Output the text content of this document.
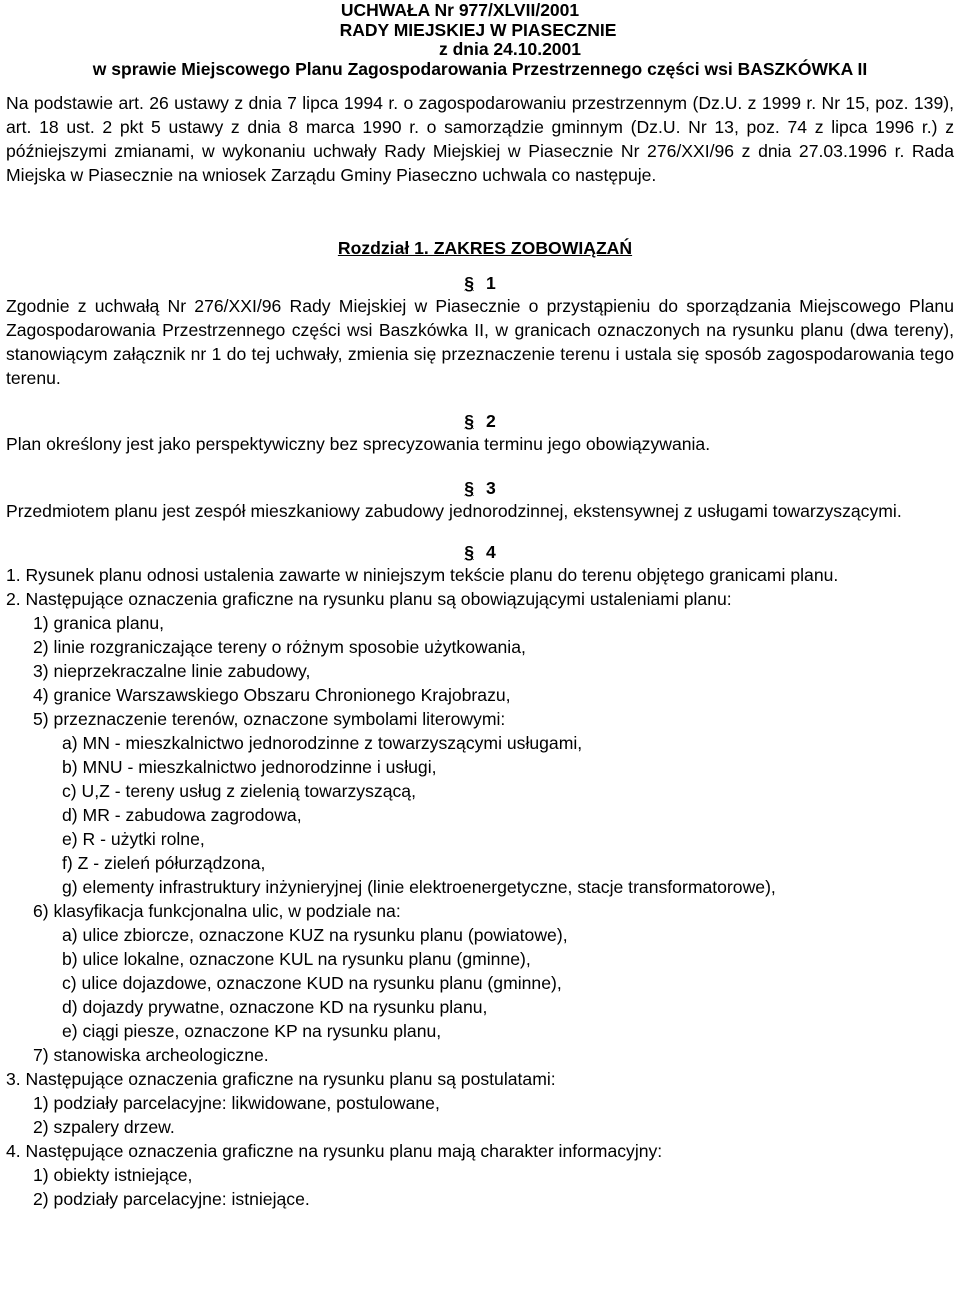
UCHWAŁA Nr 977/XLVII/2001
RADY MIEJSKIEJ W PIASECZNIE
z dnia 24.10.2001
w sprawie Miejscowego Planu Zagospodarowania Przestrzennego części wsi BASZKÓWKA II

Na podstawie art. 26 ustawy z dnia 7 lipca 1994 r. o zagospodarowaniu przestrzennym (Dz.U. z 1999 r. Nr 15, poz. 139), art. 18 ust. 2 pkt 5 ustawy z dnia 8 marca 1990 r. o samorządzie gminnym (Dz.U. Nr 13, poz. 74 z lipca 1996 r.) z późniejszymi zmianami, w wykonaniu uchwały Rady Miejskiej w Piasecznie Nr 276/XXI/96 z dnia 27.03.1996 r. Rada Miejska w Piasecznie na wniosek Zarządu Gminy Piaseczno uchwala co następuje.

Rozdział 1. ZAKRES ZOBOWIĄZAŃ
§ 1

Zgodnie z uchwałą Nr 276/XXI/96 Rady Miejskiej w Piasecznie o przystąpieniu do sporządzania Miejscowego Planu Zagospodarowania Przestrzennego części wsi Baszkówka II, w granicach oznaczonych na rysunku planu (dwa tereny), stanowiącym załącznik nr 1 do tej uchwały, zmienia się przeznaczenie terenu i ustala się sposób zagospodarowania tego terenu.

§ 2

Plan określony jest jako perspektywiczny bez sprecyzowania terminu jego obowiązywania.

§ 3

Przedmiotem planu jest zespół mieszkaniowy zabudowy jednorodzinnej, ekstensywnej z usługami towarzyszącymi.

§ 4
1. Rysunek planu odnosi ustalenia zawarte w niniejszym tekście planu do terenu objętego granicami planu.
2. Następujące oznaczenia graficzne na rysunku planu są obowiązującymi ustaleniami planu:
1) granica planu,
2) linie rozgraniczające tereny o różnym sposobie użytkowania,
3) nieprzekraczalne linie zabudowy,
4) granice Warszawskiego Obszaru Chronionego Krajobrazu,
5) przeznaczenie terenów, oznaczone symbolami literowymi:
a) MN - mieszkalnictwo jednorodzinne z towarzyszącymi usługami,
b) MNU - mieszkalnictwo jednorodzinne i usługi,
c) U,Z - tereny usług z zielenią towarzyszącą,
d) MR - zabudowa zagrodowa,
e) R - użytki rolne,
f) Z - zieleń półurządzona,
g) elementy infrastruktury inżynieryjnej (linie elektroenergetyczne, stacje transformatorowe),
6) klasyfikacja funkcjonalna ulic, w podziale na:
a) ulice zbiorcze, oznaczone KUZ na rysunku planu (powiatowe),
b) ulice lokalne, oznaczone KUL na rysunku planu (gminne),
c) ulice dojazdowe, oznaczone KUD na rysunku planu (gminne),
d) dojazdy prywatne, oznaczone KD na rysunku planu,
e) ciągi piesze, oznaczone KP na rysunku planu,
7) stanowiska archeologiczne.
3. Następujące oznaczenia graficzne na rysunku planu są postulatami:
1) podziały parcelacyjne: likwidowane, postulowane,
2) szpalery drzew.
4. Następujące oznaczenia graficzne na rysunku planu mają charakter informacyjny:
1) obiekty istniejące,
2) podziały parcelacyjne: istniejące.
